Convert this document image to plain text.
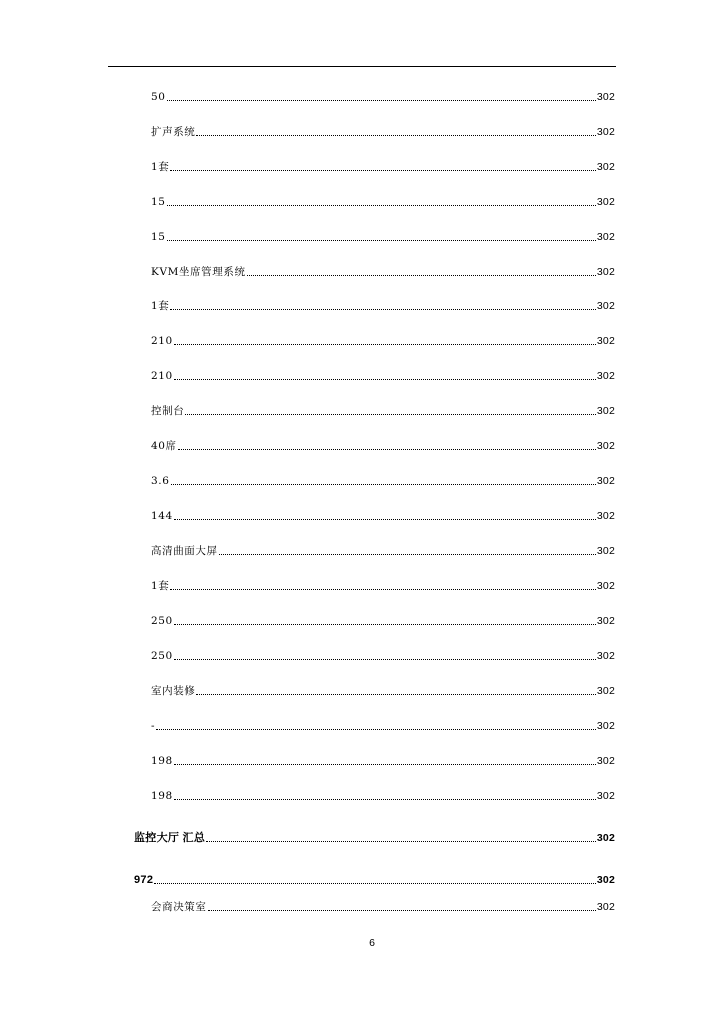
50	302
扩声系统	302
1套	302
15	302
15	302
KVM坐席管理系统	302
1套	302
210	302
210	302
控制台	302
40席	302
3.6	302
144	302
高清曲面大屏	302
1套	302
250	302
250	302
室内装修	302
-	302
198	302
198	302
监控大厅 汇总	302
972	302
会商决策室	302
6
